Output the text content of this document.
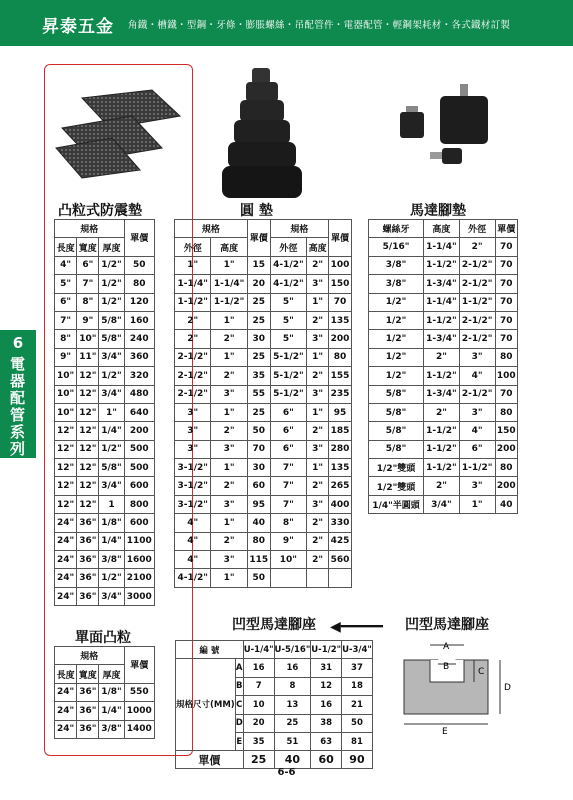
昇泰五金 角鐵・槽鐵・型鋼・牙條・膨脹螺絲・吊配管件・電器配管・輕鋼架耗材・各式鐵材訂製
6
電器配管系列
凸粒式防震墊	圓 墊	馬達腳墊
單面凸粒
凹型馬達腳座 ◀━━━━━ 凹型馬達腳座
規格			單價
長度	寬度	厚度	
4"	6"	1/2"	50
5"	7"	1/2"	80
6"	8"	1/2"	120
7"	9"	5/8"	160
8"	10"	5/8"	240
9"	11"	3/4"	360
10"	12"	1/2"	320
10"	12"	3/4"	480
10"	12"	1"	640
12"	12"	1/4"	200
12"	12"	1/2"	500
12"	12"	5/8"	500
12"	12"	3/4"	600
12"	12"	1	800
24"	36"	1/8"	600
24"	36"	1/4"	1100
24"	36"	3/8"	1600
24"	36"	1/2"	2100
24"	36"	3/4"	3000
規格			單價
長度	寬度	厚度	
24"	36"	1/8"	550
24"	36"	1/4"	1000
24"	36"	3/8"	1400
規格		單價	規格		單價
外徑	高度		外徑	高度	
1"	1"	15	4-1/2"	2"	100
1-1/4"	1-1/4"	20	4-1/2"	3"	150
1-1/2"	1-1/2"	25	5"	1"	70
2"	1"	25	5"	2"	135
2"	2"	30	5"	3"	200
2-1/2"	1"	25	5-1/2"	1"	80
2-1/2"	2"	35	5-1/2"	2"	155
2-1/2"	3"	55	5-1/2"	3"	235
3"	1"	25	6"	1"	95
3"	2"	50	6"	2"	185
3"	3"	70	6"	3"	280
3-1/2"	1"	30	7"	1"	135
3-1/2"	2"	60	7"	2"	265
3-1/2"	3"	95	7"	3"	400
4"	1"	40	8"	2"	330
4"	2"	80	9"	2"	425
4"	3"	115	10"	2"	560
4-1/2"	1"	50			
螺絲牙	高度	外徑	單價
5/16"	1-1/4"	2"	70
3/8"	1-1/2"	2-1/2"	70
3/8"	1-3/4"	2-1/2"	70
1/2"	1-1/4"	1-1/2"	70
1/2"	1-1/2"	2-1/2"	70
1/2"	1-3/4"	2-1/2"	70
1/2"	2"	3"	80
1/2"	1-1/2"	4"	100
5/8"	1-3/4"	2-1/2"	70
5/8"	2"	3"	80
5/8"	1-1/2"	4"	150
5/8"	1-1/2"	6"	200
1/2"雙頭	1-1/2"	1-1/2"	80
1/2"雙頭	2"	3"	200
1/4"半圓頭	3/4"	1"	40
編 號		U-1/4"	U-5/16"	U-1/2"	U-3/4"
規格尺寸(MM)	A	16	16	31	37
	B	7	8	12	18
	C	10	13	16	21
	D	20	25	38	50
	E	35	51	63	81
單價		25	40	60	90
A
B	C
D
E
6-6
